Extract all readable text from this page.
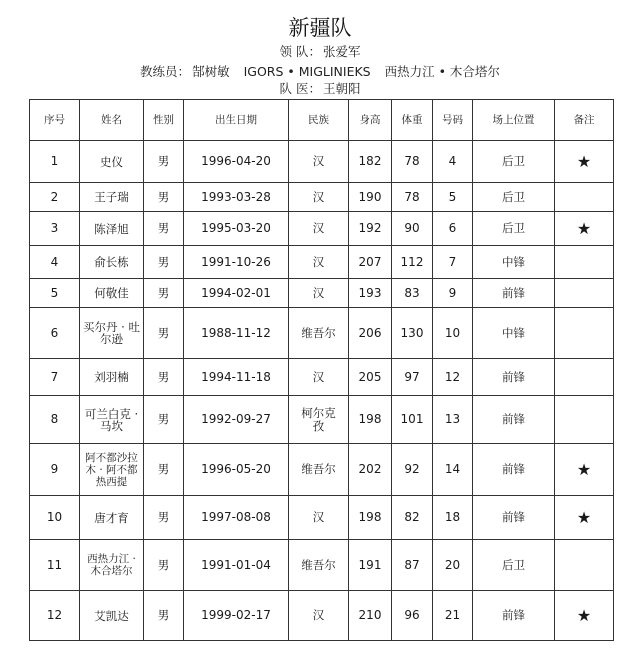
新疆队
领 队： 张爱军
教练员： 郜树敏 IGORS • MIGLINIEKS 西热力江 • 木合塔尔
队 医： 王朝阳
序号	姓名	性别	出生日期	民族	身高	体重	号码	场上位置	备注
1	史仪	男	1996-04-20	汉	182	78	4	后卫	★
2	王子瑞	男	1993-03-28	汉	190	78	5	后卫	
3	陈泽旭	男	1995-03-20	汉	192	90	6	后卫	★
4	俞长栋	男	1991-10-26	汉	207	112	7	中锋	
5	何敬佳	男	1994-02-01	汉	193	83	9	前锋	
6	买尔丹 · 吐尔逊	男	1988-11-12	维吾尔	206	130	10	中锋	
7	刘羽楠	男	1994-11-18	汉	205	97	12	前锋	
8	可兰白克 · 马坎	男	1992-09-27	柯尔克孜	198	101	13	前锋	
9	阿不都沙拉木 · 阿不都热西提	男	1996-05-20	维吾尔	202	92	14	前锋	★
10	唐才育	男	1997-08-08	汉	198	82	18	前锋	★
11	西热力江 · 木合塔尔	男	1991-01-04	维吾尔	191	87	20	后卫	
12	艾凯达	男	1999-02-17	汉	210	96	21	前锋	★
